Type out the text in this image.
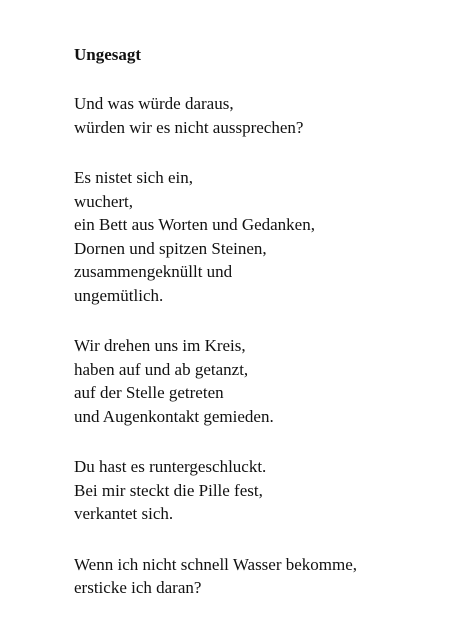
Ungesagt
Und was würde daraus,
würden wir es nicht aussprechen?
Es nistet sich ein,
wuchert,
ein Bett aus Worten und Gedanken,
Dornen und spitzen Steinen,
zusammengeknüllt und
ungemütlich.
Wir drehen uns im Kreis,
haben auf und ab getanzt,
auf der Stelle getreten
und Augenkontakt gemieden.
Du hast es runtergeschluckt.
Bei mir steckt die Pille fest,
verkantet sich.
Wenn ich nicht schnell Wasser bekomme,
ersticke ich daran?
